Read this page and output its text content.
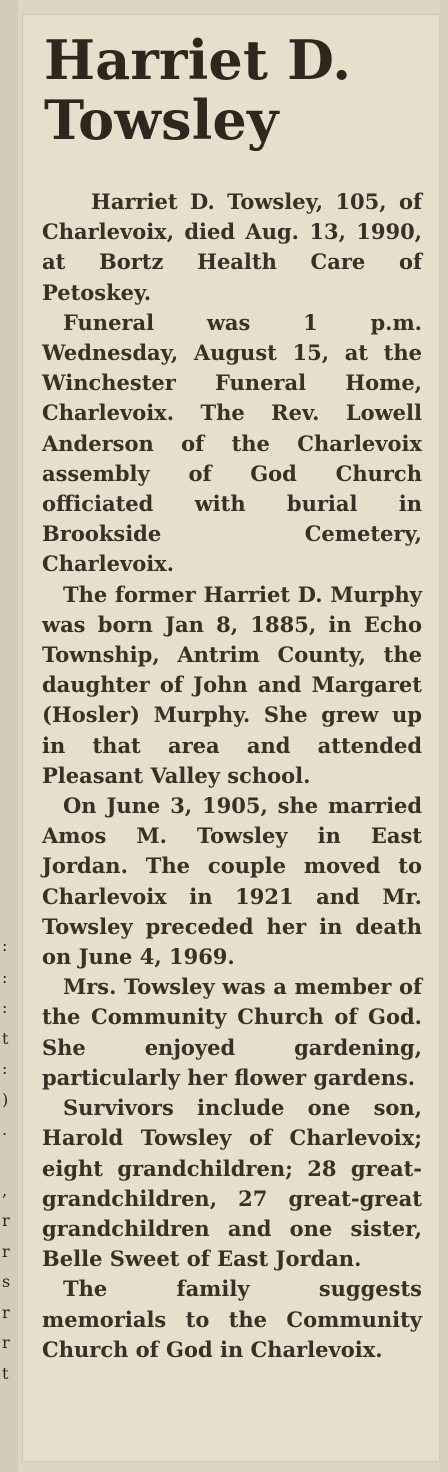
:
:
:
t
:
)
.
,
r
r
s
r
r
t
Harriet D.
Towsley

Harriet D. Towsley, 105, of Charlevoix, died Aug. 13, 1990, at Bortz Health Care of Petoskey.

Funeral was 1 p.m. Wednesday, August 15, at the Winchester Funeral Home, Charlevoix. The Rev. Lowell Anderson of the Charlevoix assembly of God Church officiated with burial in Brookside Cemetery, Charlevoix.

The former Harriet D. Murphy was born Jan 8, 1885, in Echo Township, Antrim County, the daughter of John and Margaret (Hosler) Murphy. She grew up in that area and attended Pleasant Valley school.

On June 3, 1905, she married Amos M. Towsley in East Jordan. The couple moved to Charlevoix in 1921 and Mr. Towsley preceded her in death on June 4, 1969.

Mrs. Towsley was a member of the Community Church of God. She enjoyed gardening, particularly her flower gardens.

Survivors include one son, Harold Towsley of Charlevoix; eight grandchildren; 28 great-grandchildren, 27 great-great grandchildren and one sister, Belle Sweet of East Jordan.

The family suggests memorials to the Community Church of God in Charlevoix.
